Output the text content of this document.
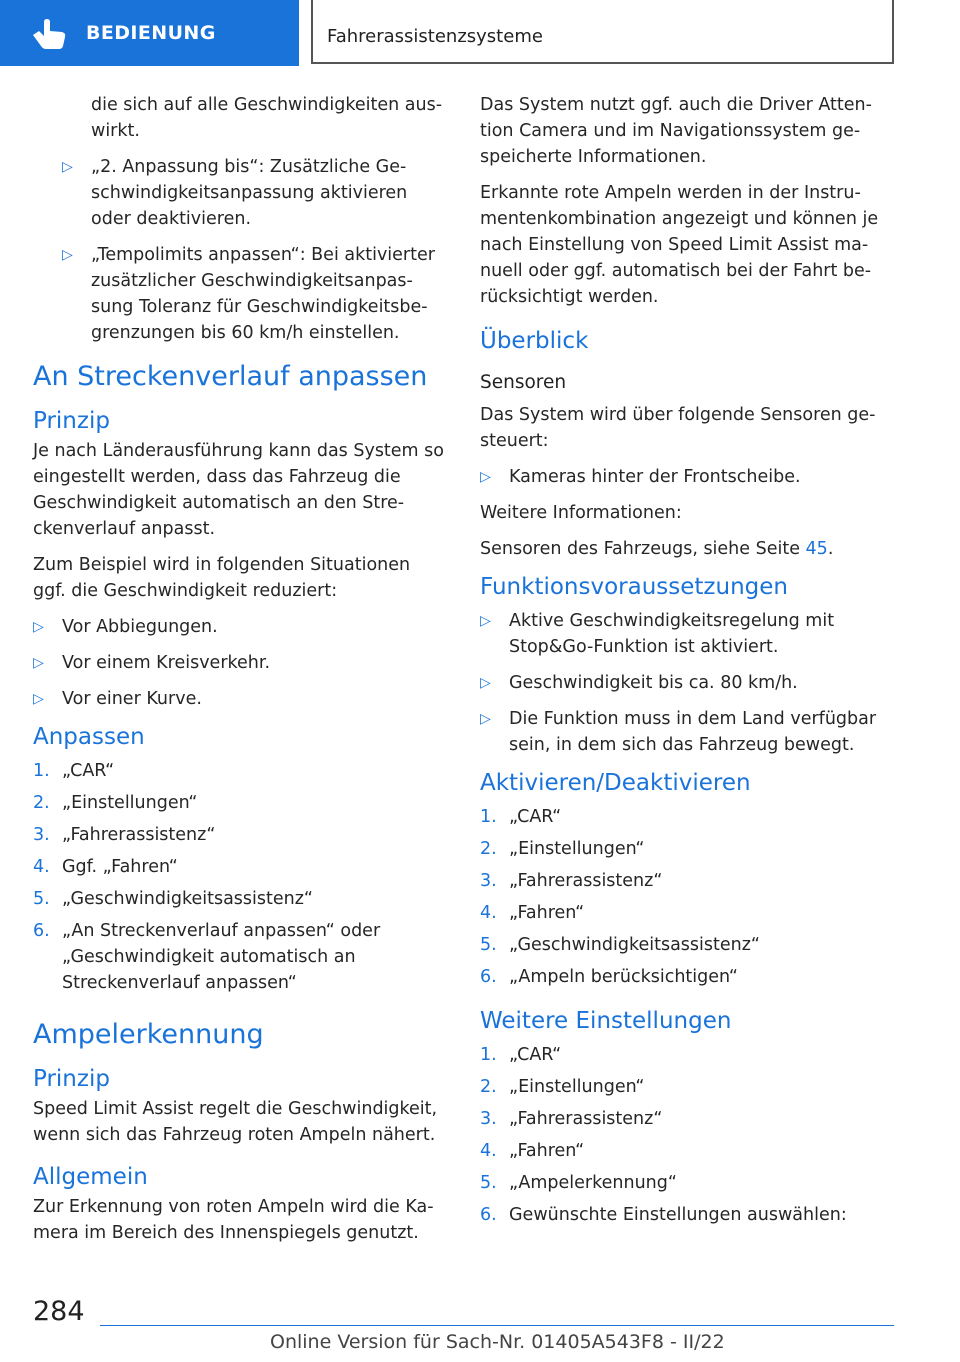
BEDIENUNG	Fahrerassistenzsysteme
die sich auf alle Geschwindigkeiten aus-wirkt.
▷ „2. Anpassung bis“: Zusätzliche Ge-schwindigkeitsanpassung aktivieren oder deaktivieren.
▷ „Tempolimits anpassen“: Bei aktivierter zusätzlicher Geschwindigkeitsanpas-sung Toleranz für Geschwindigkeitsbe-grenzungen bis 60 km/h einstellen.
An Streckenverlauf anpassen
Prinzip

Je nach Länderausführung kann das System so eingestellt werden, dass das Fahrzeug die Geschwindigkeit automatisch an den Stre-ckenverlauf anpasst.

Zum Beispiel wird in folgenden Situationen ggf. die Geschwindigkeit reduziert:

▷ Vor Abbiegungen.
▷ Vor einem Kreisverkehr.
▷ Vor einer Kurve.
Anpassen
1. „CAR“
2. „Einstellungen“
3. „Fahrerassistenz“
4. Ggf. „Fahren“
5. „Geschwindigkeitsassistenz“
6. „An Streckenverlauf anpassen“ oder „Geschwindigkeit automatisch an Streckenverlauf anpassen“
Ampelerkennung
Prinzip

Speed Limit Assist regelt die Geschwindigkeit, wenn sich das Fahrzeug roten Ampeln nähert.

Allgemein

Zur Erkennung von roten Ampeln wird die Ka-mera im Bereich des Innenspiegels genutzt.

Das System nutzt ggf. auch die Driver Atten-tion Camera und im Navigationssystem ge-speicherte Informationen.

Erkannte rote Ampeln werden in der Instru-mentenkombination angezeigt und können je nach Einstellung von Speed Limit Assist ma-nuell oder ggf. automatisch bei der Fahrt be-rücksichtigt werden.

Überblick
Sensoren

Das System wird über folgende Sensoren ge-steuert:

▷ Kameras hinter der Frontscheibe.

Weitere Informationen:

Sensoren des Fahrzeugs, siehe Seite 45.

Funktionsvoraussetzungen
▷ Aktive Geschwindigkeitsregelung mit Stop&Go-Funktion ist aktiviert.
▷ Geschwindigkeit bis ca. 80 km/h.
▷ Die Funktion muss in dem Land verfügbar sein, in dem sich das Fahrzeug bewegt.
Aktivieren/Deaktivieren
1. „CAR“
2. „Einstellungen“
3. „Fahrerassistenz“
4. „Fahren“
5. „Geschwindigkeitsassistenz“
6. „Ampeln berücksichtigen“
Weitere Einstellungen
1. „CAR“
2. „Einstellungen“
3. „Fahrerassistenz“
4. „Fahren“
5. „Ampelerkennung“
6. Gewünschte Einstellungen auswählen:
284
Online Version für Sach-Nr. 01405A543F8 - II/22
